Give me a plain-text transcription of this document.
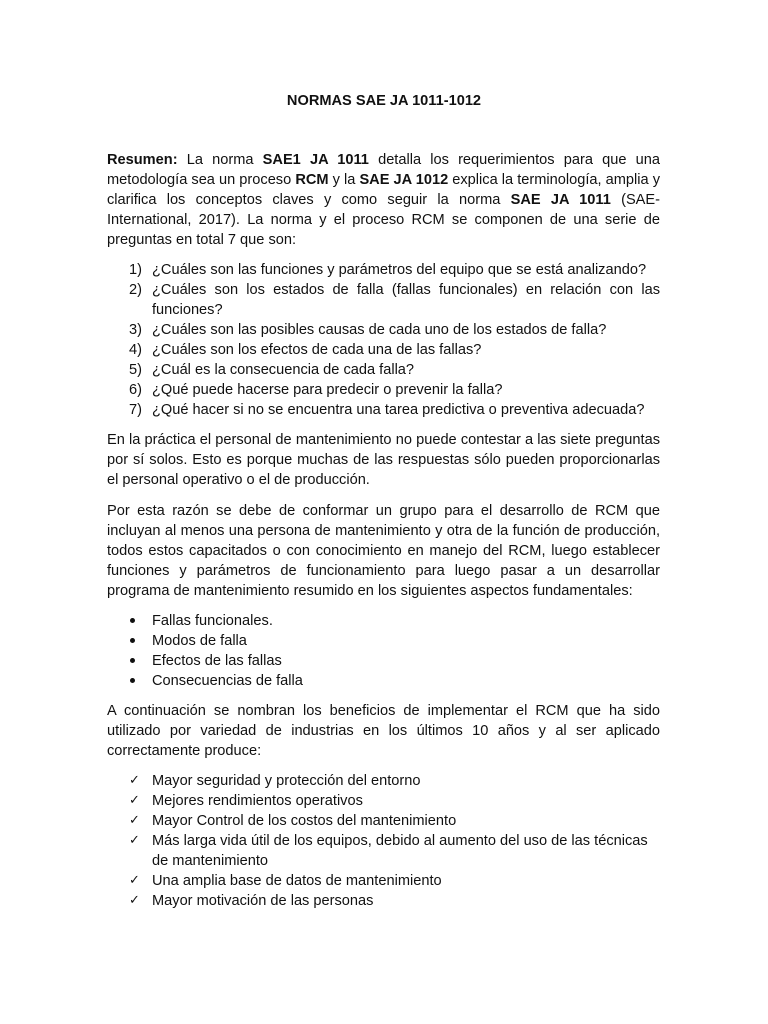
NORMAS SAE JA 1011-1012

Resumen: La norma SAE1 JA 1011 detalla los requerimientos para que una metodología sea un proceso RCM y la SAE JA 1012 explica la terminología, amplia y clarifica los conceptos claves y como seguir la norma SAE JA 1011 (SAE-International, 2017). La norma y el proceso RCM se componen de una serie de preguntas en total 7 que son:

1) ¿Cuáles son las funciones y parámetros del equipo que se está analizando?
2) ¿Cuáles son los estados de falla (fallas funcionales) en relación con las funciones?
3) ¿Cuáles son las posibles causas de cada uno de los estados de falla?
4) ¿Cuáles son los efectos de cada una de las fallas?
5) ¿Cuál es la consecuencia de cada falla?
6) ¿Qué puede hacerse para predecir o prevenir la falla?
7) ¿Qué hacer si no se encuentra una tarea predictiva o preventiva adecuada?

En la práctica el personal de mantenimiento no puede contestar a las siete preguntas por sí solos. Esto es porque muchas de las respuestas sólo pueden proporcionarlas el personal operativo o el de producción.

Por esta razón se debe de conformar un grupo para el desarrollo de RCM que incluyan al menos una persona de mantenimiento y otra de la función de producción, todos estos capacitados o con conocimiento en manejo del RCM, luego establecer funciones y parámetros de funcionamiento para luego pasar a un desarrollar programa de mantenimiento resumido en los siguientes aspectos fundamentales:

Fallas funcionales.
Modos de falla
Efectos de las fallas
Consecuencias de falla

A continuación se nombran los beneficios de implementar el RCM que ha sido utilizado por variedad de industrias en los últimos 10 años y al ser aplicado correctamente produce:

✓ Mayor seguridad y protección del entorno
✓ Mejores rendimientos operativos
✓ Mayor Control de los costos del mantenimiento
✓ Más larga vida útil de los equipos, debido al aumento del uso de las técnicas de mantenimiento
✓ Una amplia base de datos de mantenimiento
✓ Mayor motivación de las personas
